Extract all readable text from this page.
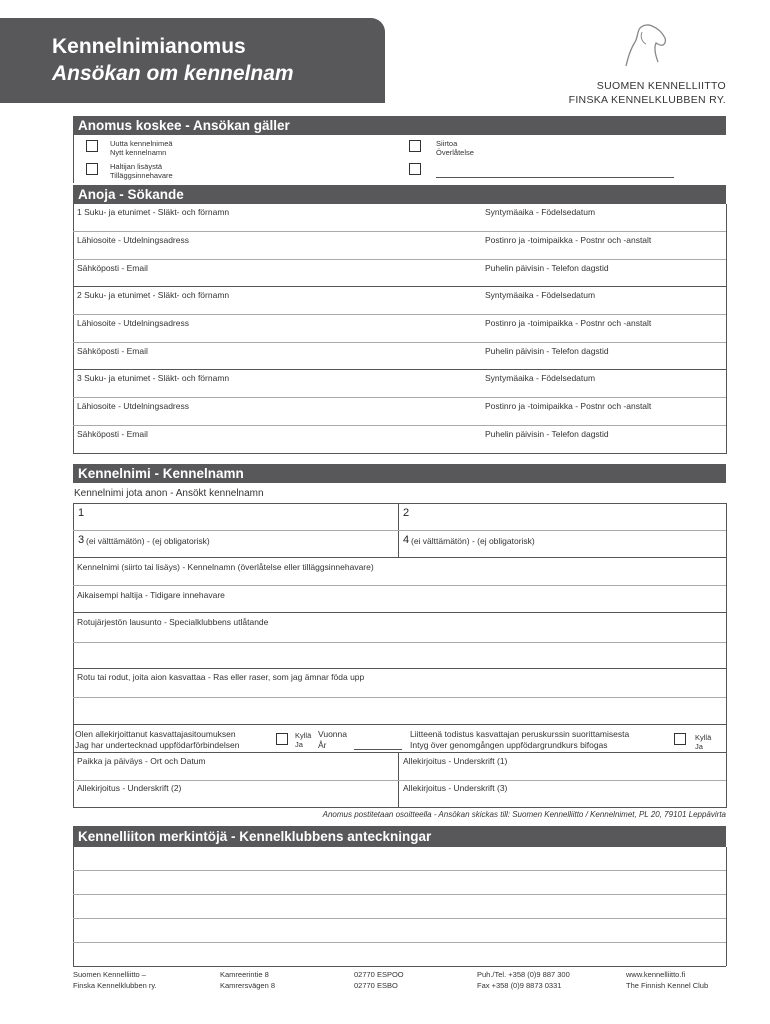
Kennelnimianomus
Ansökan om kennelnam
SUOMEN KENNELLIITTO
FINSKA KENNELKLUBBEN RY.
Anomus koskee - Ansökan gäller
Uutta kennelnimeä
Nytt kennelnamn
Haltijan lisäystä
Tilläggsinnehavare
Siirtoa
Överlåtelse
Anoja - Sökande
1 Suku- ja etunimet - Släkt- och förnamn	Syntymäaika - Födelsedatum
Lähiosoite - Utdelningsadress	Postinro ja -toimipaikka - Postnr och -anstalt
Sähköposti - Email	Puhelin päivisin - Telefon dagstid
2 Suku- ja etunimet - Släkt- och förnamn	Syntymäaika - Födelsedatum
Lähiosoite - Utdelningsadress	Postinro ja -toimipaikka - Postnr och -anstalt
Sähköposti - Email	Puhelin päivisin - Telefon dagstid
3 Suku- ja etunimet - Släkt- och förnamn	Syntymäaika - Födelsedatum
Lähiosoite - Utdelningsadress	Postinro ja -toimipaikka - Postnr och -anstalt
Sähköposti - Email	Puhelin päivisin - Telefon dagstid
Kennelnimi - Kennelnamn
Kennelnimi jota anon - Ansökt kennelnamn
1	2
3 (ei välttämätön) - (ej obligatorisk)	4 (ei välttämätön) - (ej obligatorisk)
Kennelnimi (siirto tai lisäys) - Kennelnamn (överlåtelse eller tilläggsinnehavare)
Aikaisempi haltija - Tidigare innehavare
Rotujärjestön lausunto - Specialklubbens utlåtande
Rotu tai rodut, joita aion kasvattaa - Ras eller raser, som jag ämnar föda upp
Olen allekirjoittanut kasvattajasitoumuksen
Jag har undertecknad uppfödarförbindelsen
Kyllä
Ja
Vuonna
År
Liitteenä todistus kasvattajan peruskurssin suorittamisesta
Intyg över genomgången uppfödargrundkurs bifogas
Kyllä
Ja
Paikka ja päiväys - Ort och Datum	Allekirjoitus - Underskrift (1)
Allekirjoitus - Underskrift (2)	Allekirjoitus - Underskrift (3)
Anomus postitetaan osoitteella - Ansökan skickas till: Suomen Kennelliitto / Kennelnimet, PL 20, 79101 Leppävirta
Kennelliiton merkintöjä - Kennelklubbens anteckningar
Suomen Kennelliitto –
Finska Kennelklubben ry.
Kamreerintie 8
Kamrersvägen 8
02770 ESPOO
02770 ESBO
Puh./Tel. +358 (0)9 887 300
Fax +358 (0)9 8873 0331
www.kennelliitto.fi
The Finnish Kennel Club
